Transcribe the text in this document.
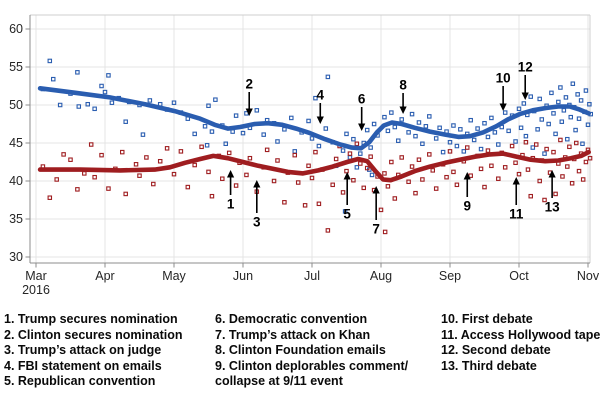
60
55
50
45
40
35
30
Mar
2016
Apr	May	Jun	Jul	Aug	Sep	Oct	Nov
1
2
3
4
5
6
7
8
9
10
11
12
13
1. Trump secures nomination
2. Clinton secures nomination
3. Trump’s attack on judge
4. FBI statement on emails
5. Republican convention
6. Democratic convention
7. Trump’s attack on Khan
8. Clinton Foundation emails
9. Clinton deplorables comment/
collapse at 9/11 event
10. First debate
11. Access Hollywood tape
12. Second debate
13. Third debate
